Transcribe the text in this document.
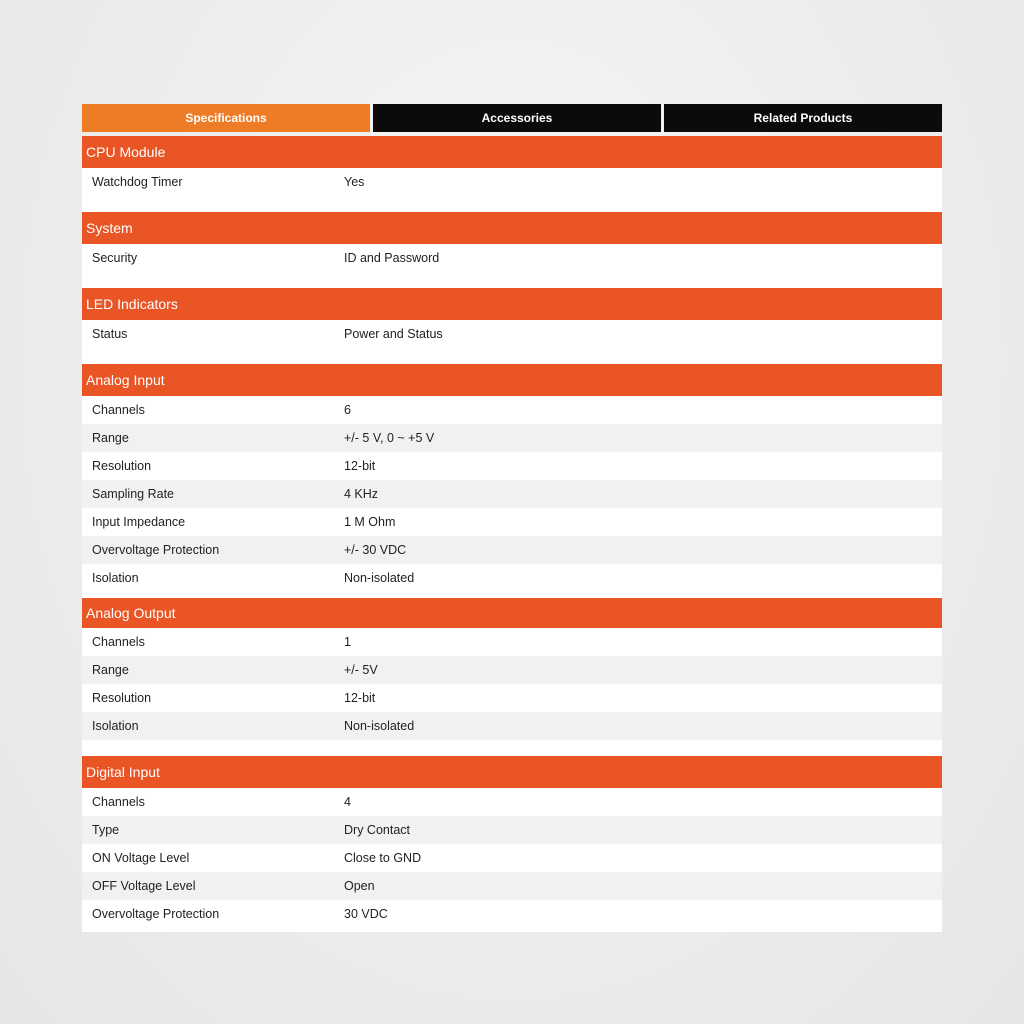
Specifications	Accessories	Related Products
CPU Module
Watchdog Timer	Yes
System
Security	ID and Password
LED Indicators
Status	Power and Status
Analog Input
Channels	6
Range	+/- 5 V, 0 ~ +5 V
Resolution	12-bit
Sampling Rate	4 KHz
Input Impedance	1 M Ohm
Overvoltage Protection	+/- 30 VDC
Isolation	Non-isolated
Analog Output
Channels	1
Range	+/- 5V
Resolution	12-bit
Isolation	Non-isolated
Digital Input
Channels	4
Type	Dry Contact
ON Voltage Level	Close to GND
OFF Voltage Level	Open
Overvoltage Protection	30 VDC
